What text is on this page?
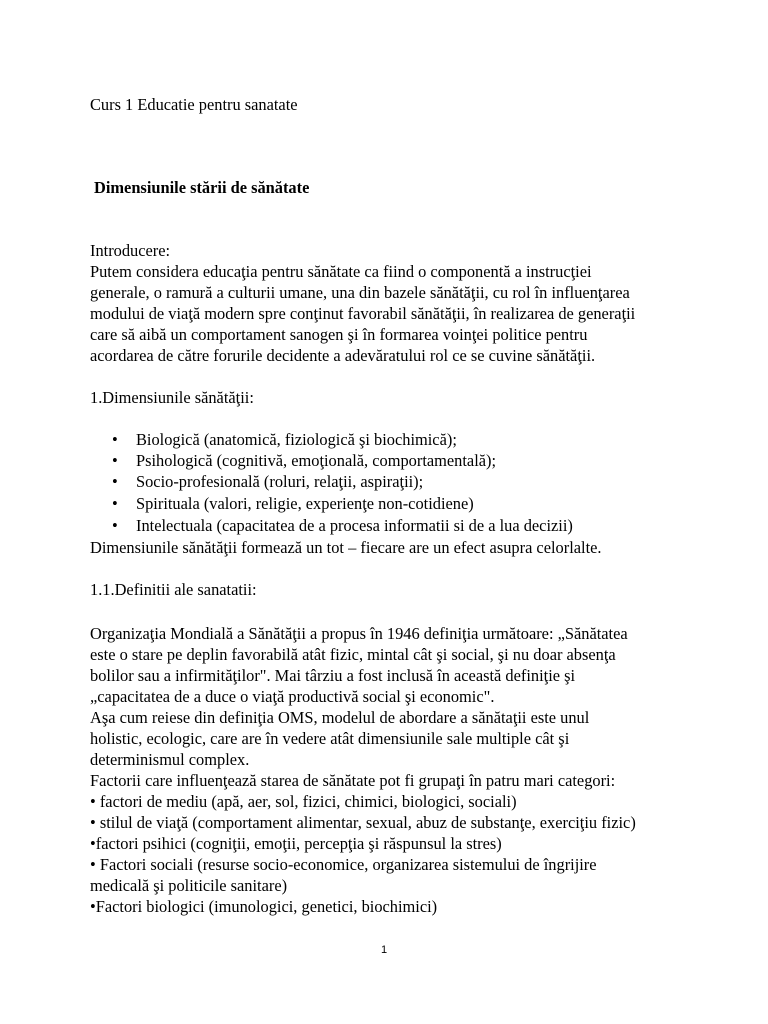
Curs 1 Educatie pentru sanatate
Dimensiunile stării de sănătate
Introducere:
Putem considera educaţia pentru sănătate ca fiind o componentă a instrucţiei
generale, o ramură a culturii umane, una din bazele sănătăţii, cu rol în influenţarea
modului de viaţă modern spre conţinut favorabil sănătăţii, în realizarea de generaţii
care să aibă un comportament sanogen şi în formarea voinţei politice pentru
acordarea de către forurile decidente a adevăratului rol ce se cuvine sănătăţii.
1.Dimensiunile sănătăţii:
• Biologică (anatomică, fiziologică şi biochimică);
• Psihologică (cognitivă, emoţională, comportamentală);
• Socio-profesională (roluri, relaţii, aspiraţii);
• Spirituala (valori, religie, experienţe non-cotidiene)
• Intelectuala (capacitatea de a procesa informatii si de a lua decizii)
Dimensiunile sănătăţii formează un tot – fiecare are un efect asupra celorlalte.
1.1.Definitii ale sanatatii:
Organizaţia Mondială a Sănătăţii a propus în 1946 definiţia următoare: „Sănătatea
este o stare pe deplin favorabilă atât fizic, mintal cât şi social, şi nu doar absenţa
bolilor sau a infirmităţilor". Mai târziu a fost inclusă în această definiţie şi
„capacitatea de a duce o viaţă productivă social şi economic".
Aşa cum reiese din definiţia OMS, modelul de abordare a sănătaţii este unul
holistic, ecologic, care are în vedere atât dimensiunile sale multiple cât şi
determinismul complex.
Factorii care influenţează starea de sănătate pot fi grupaţi în patru mari categori:
• factori de mediu (apă, aer, sol, fizici, chimici, biologici, sociali)
• stilul de viaţă (comportament alimentar, sexual, abuz de substanţe, exerciţiu fizic)
•factori psihici (cogniţii, emoţii, percepţia şi răspunsul la stres)
• Factori sociali (resurse socio-economice, organizarea sistemului de îngrijire
medicală şi politicile sanitare)
•Factori biologici (imunologici, genetici, biochimici)
1
